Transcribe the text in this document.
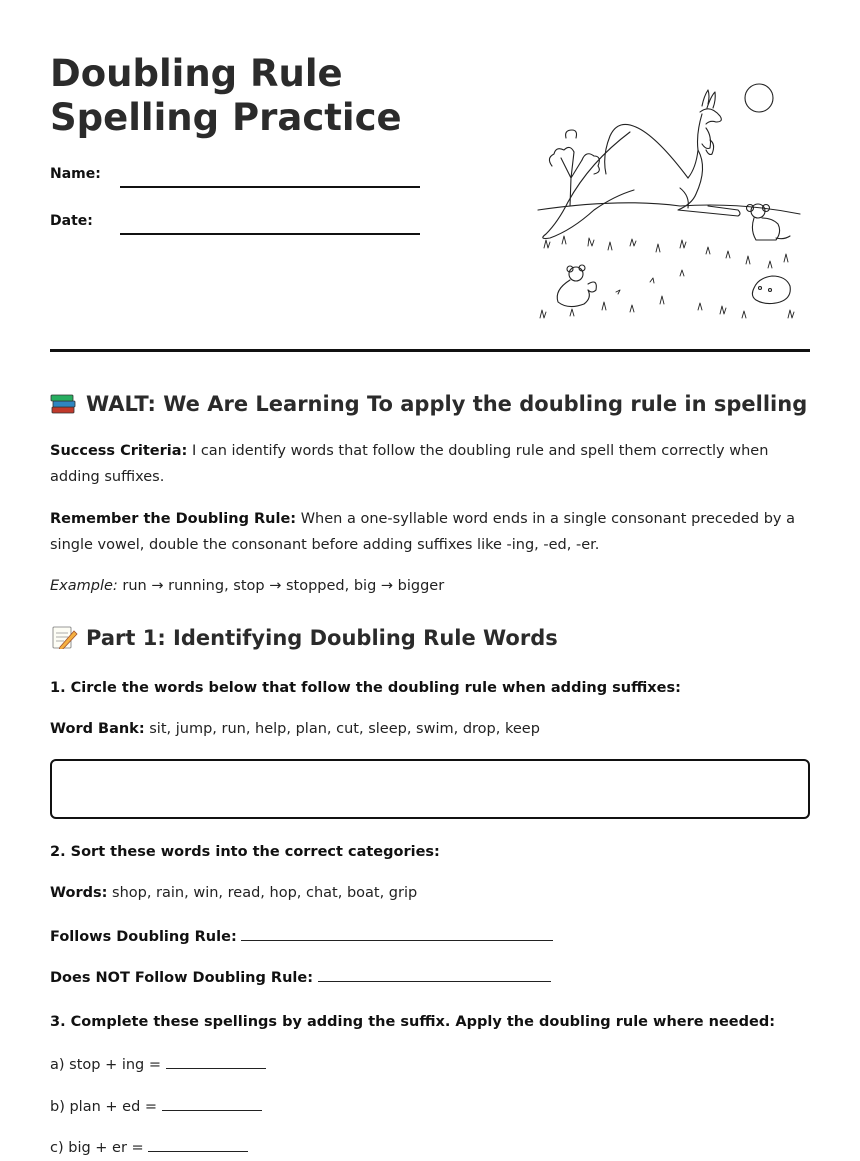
Doubling Rule Spelling Practice
Name:
Date:
WALT: We Are Learning To apply the doubling rule in spelling

Success Criteria: I can identify words that follow the doubling rule and spell them correctly when adding suffixes.

Remember the Doubling Rule: When a one-syllable word ends in a single consonant preceded by a single vowel, double the consonant before adding suffixes like -ing, -ed, -er.

Example: run → running, stop → stopped, big → bigger

Part 1: Identifying Doubling Rule Words
1. Circle the words below that follow the doubling rule when adding suffixes:
Word Bank: sit, jump, run, help, plan, cut, sleep, swim, drop, keep
2. Sort these words into the correct categories:
Words: shop, rain, win, read, hop, chat, boat, grip
Follows Doubling Rule:
Does NOT Follow Doubling Rule:
3. Complete these spellings by adding the suffix. Apply the doubling rule where needed:
a) stop + ing =
b) plan + ed =
c) big + er =
